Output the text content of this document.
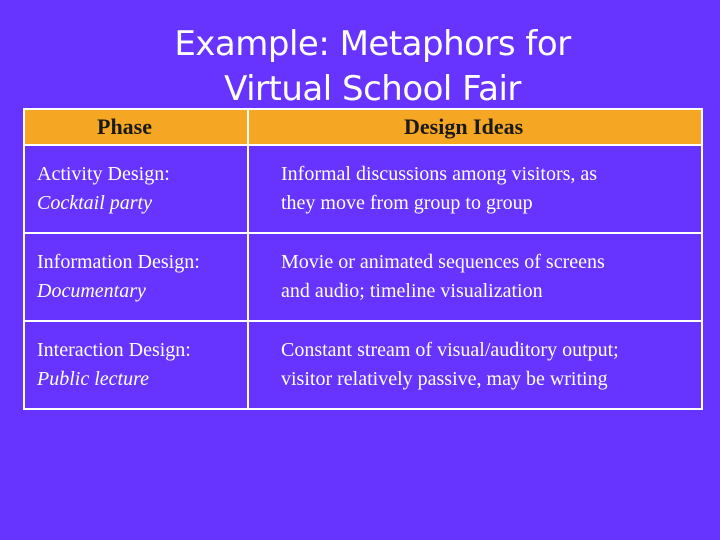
Example: Metaphors for
Virtual School Fair
Phase	Design Ideas

Activity Design:
Cocktail party	Informal discussions among visitors, as
they move from group to group

Information Design:
Documentary	Movie or animated sequences of screens
and audio; timeline visualization

Interaction Design:
Public lecture	Constant stream of visual/auditory output;
visitor relatively passive, may be writing
